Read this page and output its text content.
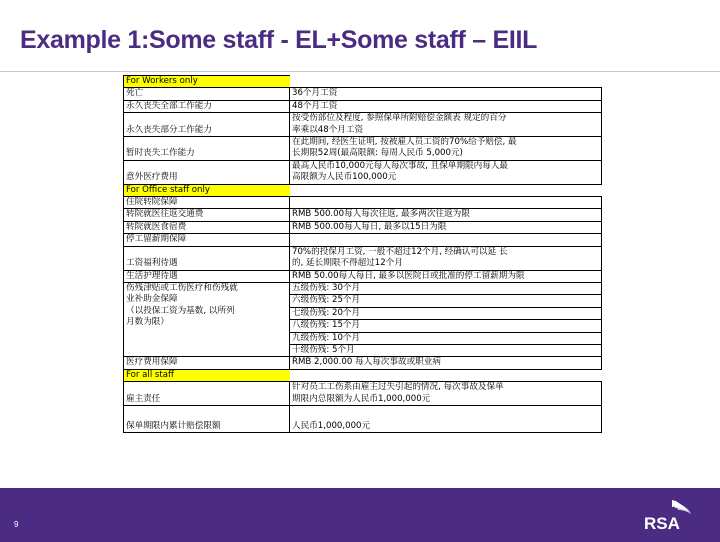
Example 1:Some staff - EL+Some staff – EIIL
For Workers only	
死亡	36个月工资
永久丧失全部工作能力	48个月工资
永久丧失部分工作能力	按受伤部位及程度, 参照保单所附赔偿金额表 规定的百分
率乘以48个月工资

暂时丧失工作能力	在此期间, 经医生证明, 按被雇人员工资的70%给予赔偿, 最
长期限52周(最高限额: 每周人民币 5,000元)

意外医疗费用	最高人民币10,000元每人每次事故, 且保单期限内每人最
高限额为人民币100,000元

For Office staff only	
住院转院保障	
转院就医往返交通费	RMB 500.00每人每次往返, 最多两次往返为限
转院就医食宿费	RMB 500.00每人每日, 最多以15日为限
停工留薪期保障	
工资福利待遇	70%的投保月工资, 一般不超过12个月, 经确认可以延 长
的, 延长期限不得超过12个月

生活护理待遇	RMB 50.00每人每日, 最多以医院日或批准的停工留薪期为限

伤残津贴或工伤医疗和伤残就
业补助金保障
（以投保工资为基数, 以所列
月数为限）	五级伤残: 30个月
	六级伤残: 25个月
	七级伤残: 20个月
	八级伤残: 15个月
	九级伤残: 10个月
	十级伤残: 5个月
医疗费用保障	RMB 2,000.00 每人每次事故或职业病
For all staff	
雇主责任	针对员工工伤系由雇主过失引起的情况, 每次事故及保单
期限内总限额为人民币1,000,000元

保单期限内累计赔偿限额	人民币1,000,000元
9	RSA
